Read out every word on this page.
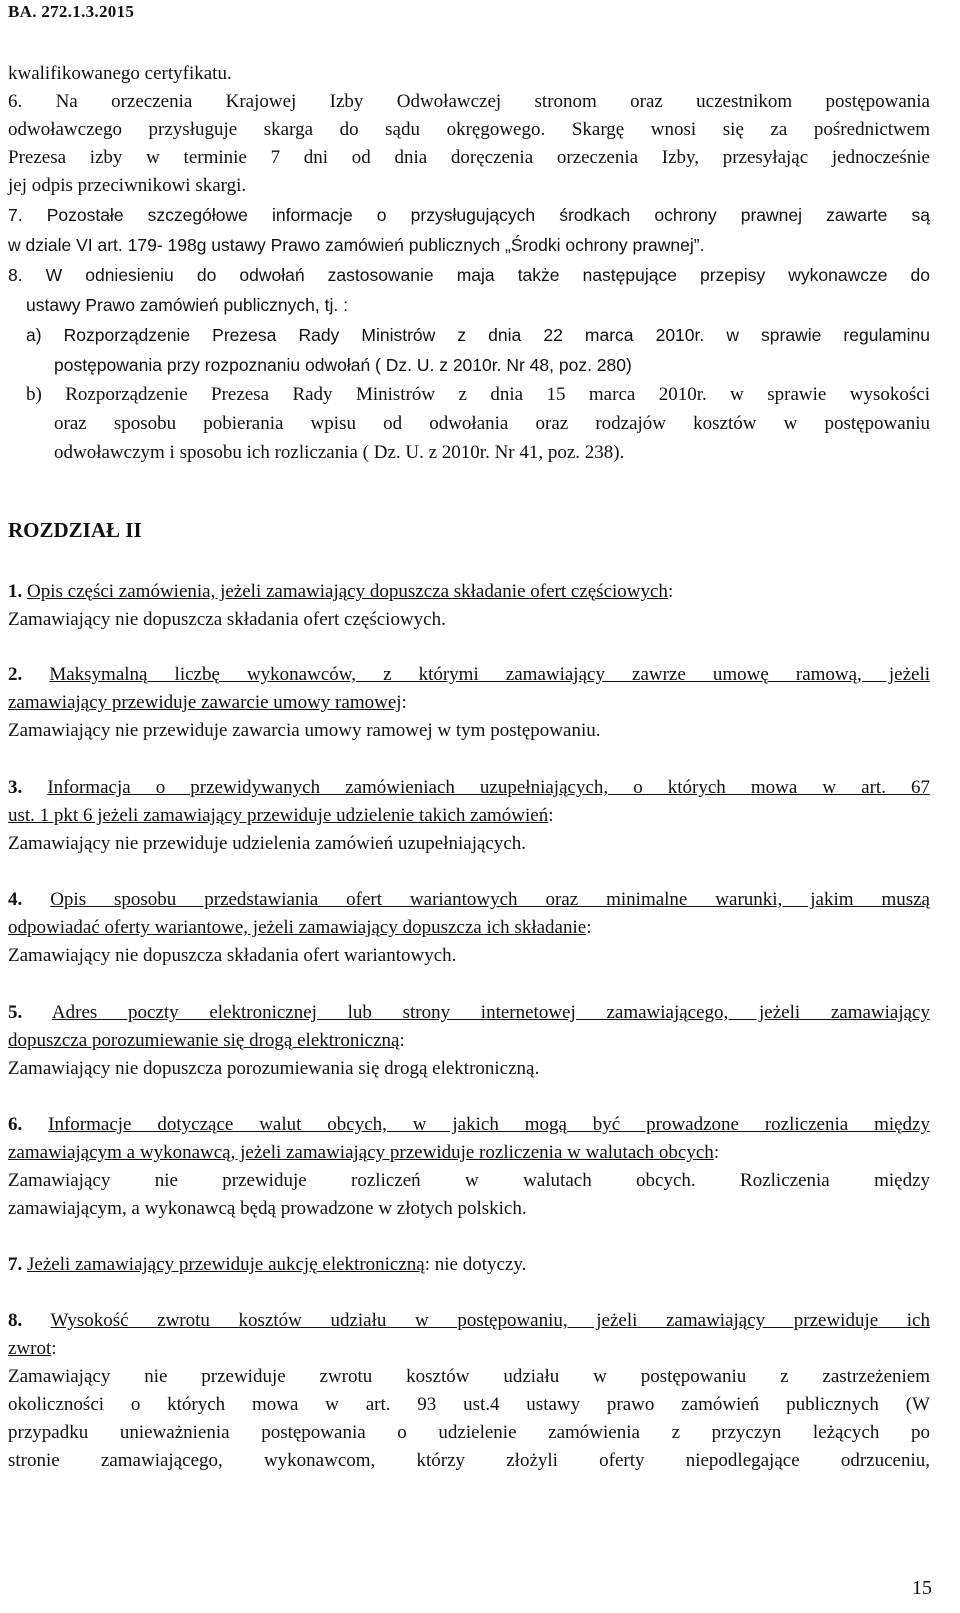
BA. 272.1.3.2015

kwalifikowanego certyfikatu.

6. Na orzeczenia Krajowej Izby Odwoławczej stronom oraz uczestnikom postępowania

odwoławczego przysługuje skarga do sądu okręgowego. Skargę wnosi się za pośrednictwem

Prezesa izby w terminie 7 dni od dnia doręczenia orzeczenia Izby, przesyłając jednocześnie

jej odpis przeciwnikowi skargi.

7. Pozostałe szczegółowe informacje o przysługujących środkach ochrony prawnej zawarte są

w dziale VI art. 179- 198g ustawy Prawo zamówień publicznych „Środki ochrony prawnej”.

8. W odniesieniu do odwołań zastosowanie maja także następujące przepisy wykonawcze do

ustawy Prawo zamówień publicznych, tj. :

a) Rozporządzenie Prezesa Rady Ministrów z dnia 22 marca 2010r. w sprawie regulaminu

postępowania przy rozpoznaniu odwołań ( Dz. U. z 2010r. Nr 48, poz. 280)

b) Rozporządzenie Prezesa Rady Ministrów z dnia 15 marca 2010r. w sprawie wysokości

oraz sposobu pobierania wpisu od odwołania oraz rodzajów kosztów w postępowaniu

odwoławczym i sposobu ich rozliczania ( Dz. U. z 2010r. Nr 41, poz. 238).

ROZDZIAŁ II

1. Opis części zamówienia, jeżeli zamawiający dopuszcza składanie ofert częściowych:

Zamawiający nie dopuszcza składania ofert częściowych.

2. Maksymalną liczbę wykonawców, z którymi zamawiający zawrze umowę ramową, jeżeli

zamawiający przewiduje zawarcie umowy ramowej:

Zamawiający nie przewiduje zawarcia umowy ramowej w tym postępowaniu.

3. Informacja o przewidywanych zamówieniach uzupełniających, o których mowa w art. 67

ust. 1 pkt 6 jeżeli zamawiający przewiduje udzielenie takich zamówień:

Zamawiający nie przewiduje udzielenia zamówień uzupełniających.

4. Opis sposobu przedstawiania ofert wariantowych oraz minimalne warunki, jakim muszą

odpowiadać oferty wariantowe, jeżeli zamawiający dopuszcza ich składanie:

Zamawiający nie dopuszcza składania ofert wariantowych.

5. Adres poczty elektronicznej lub strony internetowej zamawiającego, jeżeli zamawiający

dopuszcza porozumiewanie się drogą elektroniczną:

Zamawiający nie dopuszcza porozumiewania się drogą elektroniczną.

6. Informacje dotyczące walut obcych, w jakich mogą być prowadzone rozliczenia między

zamawiającym a wykonawcą, jeżeli zamawiający przewiduje rozliczenia w walutach obcych:

Zamawiający nie przewiduje rozliczeń w walutach obcych. Rozliczenia między

zamawiającym, a wykonawcą będą prowadzone w złotych polskich.

7. Jeżeli zamawiający przewiduje aukcję elektroniczną: nie dotyczy.

8. Wysokość zwrotu kosztów udziału w postępowaniu, jeżeli zamawiający przewiduje ich

zwrot:

Zamawiający nie przewiduje zwrotu kosztów udziału w postępowaniu z zastrzeżeniem

okoliczności o których mowa w art. 93 ust.4 ustawy prawo zamówień publicznych (W

przypadku unieważnienia postępowania o udzielenie zamówienia z przyczyn leżących po

stronie zamawiającego, wykonawcom, którzy złożyli oferty niepodlegające odrzuceniu,

15
